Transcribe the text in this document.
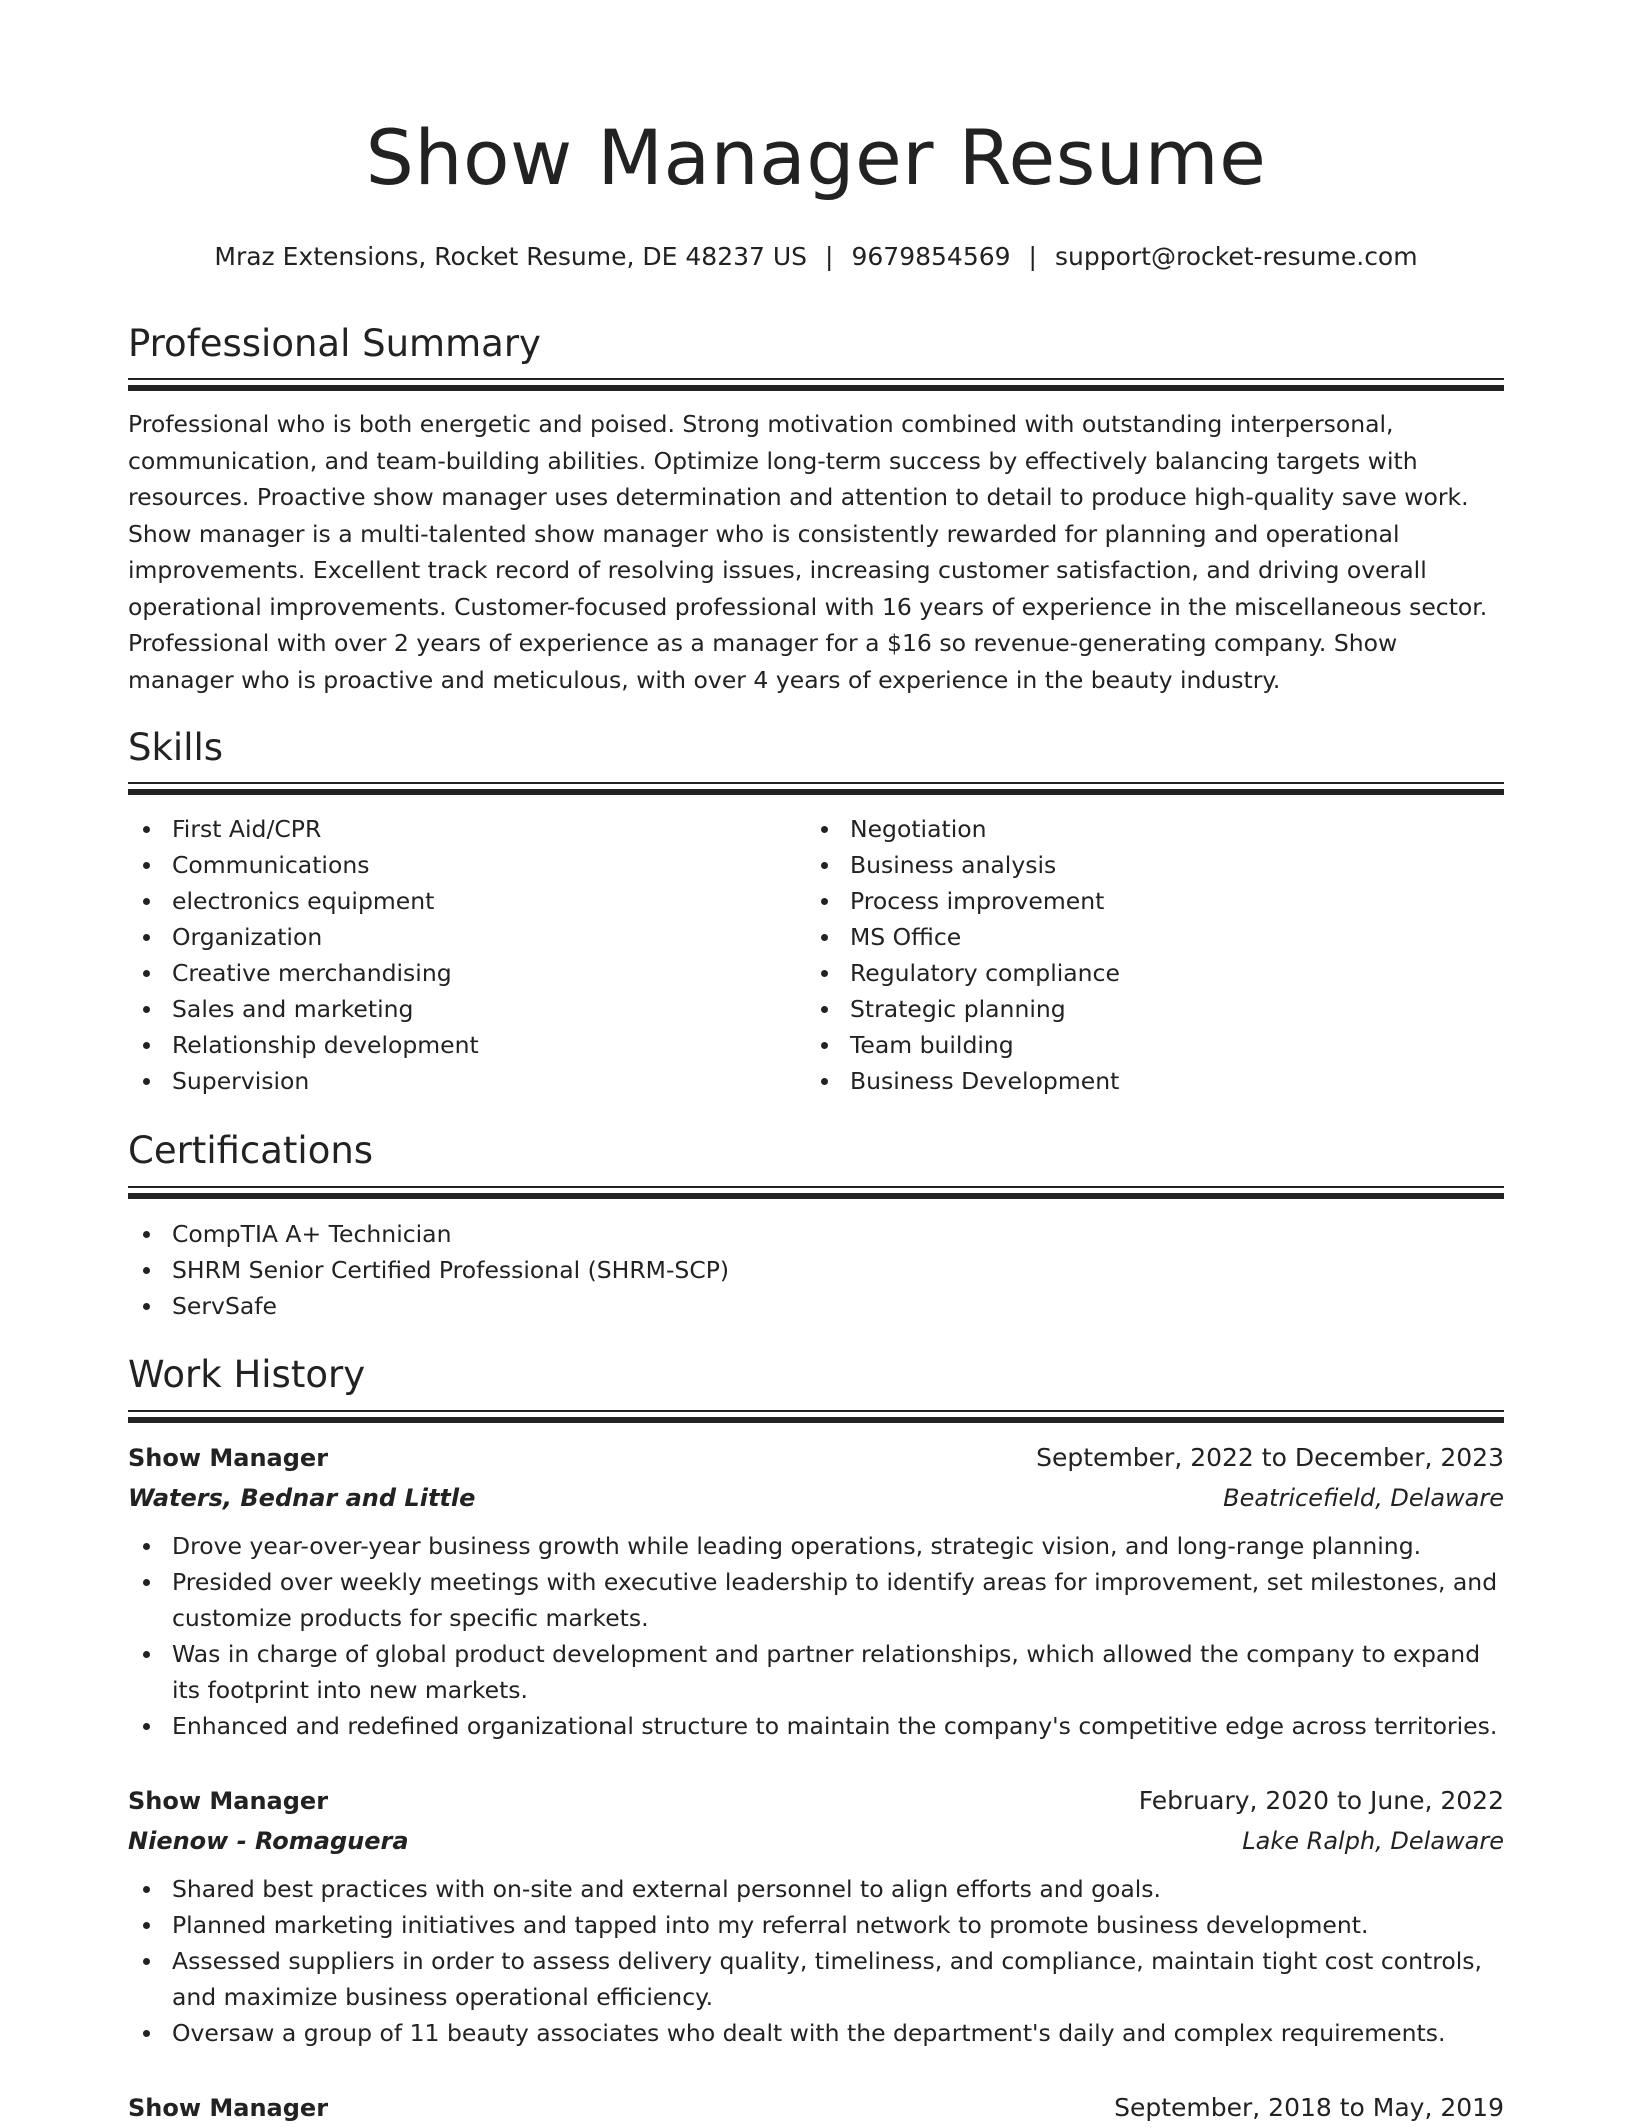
Show Manager Resume
Mraz Extensions, Rocket Resume, DE 48237 US | 9679854569 | support@rocket-resume.com
Professional Summary

Professional who is both energetic and poised. Strong motivation combined with outstanding interpersonal, communication, and team-building abilities. Optimize long-term success by effectively balancing targets with resources. Proactive show manager uses determination and attention to detail to produce high-quality save work. Show manager is a multi-talented show manager who is consistently rewarded for planning and operational improvements. Excellent track record of resolving issues, increasing customer satisfaction, and driving overall operational improvements. Customer-focused professional with 16 years of experience in the miscellaneous sector. Professional with over 2 years of experience as a manager for a $16 so revenue-generating company. Show manager who is proactive and meticulous, with over 4 years of experience in the beauty industry.

Skills
First Aid/CPR
Communications
electronics equipment
Organization
Creative merchandising
Sales and marketing
Relationship development
Supervision
Negotiation
Business analysis
Process improvement
MS Office
Regulatory compliance
Strategic planning
Team building
Business Development
Certifications
CompTIA A+ Technician
SHRM Senior Certified Professional (SHRM-SCP)
ServSafe
Work History
Show Manager	September, 2022 to December, 2023
Waters, Bednar and Little	Beatricefield, Delaware
Drove year-over-year business growth while leading operations, strategic vision, and long-range planning.
Presided over weekly meetings with executive leadership to identify areas for improvement, set milestones, and customize products for specific markets.
Was in charge of global product development and partner relationships, which allowed the company to expand its footprint into new markets.
Enhanced and redefined organizational structure to maintain the company's competitive edge across territories.
Show Manager	February, 2020 to June, 2022
Nienow - Romaguera	Lake Ralph, Delaware
Shared best practices with on-site and external personnel to align efforts and goals.
Planned marketing initiatives and tapped into my referral network to promote business development.
Assessed suppliers in order to assess delivery quality, timeliness, and compliance, maintain tight cost controls, and maximize business operational efficiency.
Oversaw a group of 11 beauty associates who dealt with the department's daily and complex requirements.
Show Manager	September, 2018 to May, 2019
